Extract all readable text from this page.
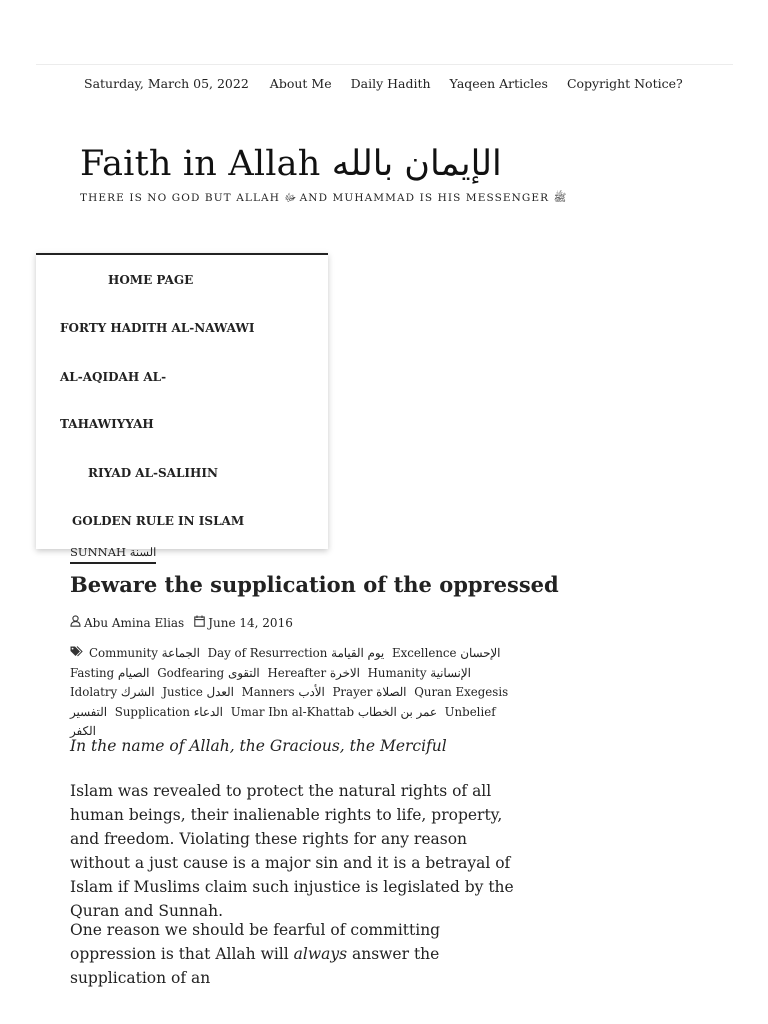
Saturday, March 05, 2022 About Me Daily Hadith Yaqeen Articles Copyright Notice?
Faith in Allah الإيمان بالله
THERE IS NO GOD BUT ALLAH ﷻ AND MUHAMMAD IS HIS MESSENGER ﷺ
HOME PAGE
FORTY HADITH AL-NAWAWI
AL-AQIDAH AL-
TAHAWIYYAH
RIYAD AL-SALIHIN
GOLDEN RULE IN ISLAM
SUNNAH السنة
Beware the supplication of the oppressed
Abu Amina Elias June 14, 2016
Community الجماعة Day of Resurrection يوم القيامة Excellence الإحسان Fasting الصيام Godfearing التقوى Hereafter الاخرة Humanity الإنسانية Idolatry الشرك Justice العدل Manners الأدب Prayer الصلاة Quran Exegesis التفسير Supplication الدعاء Umar Ibn al-Khattab عمر بن الخطاب Unbelief الكفر

In the name of Allah, the Gracious, the Merciful

Islam was revealed to protect the natural rights of all human beings, their inalienable rights to life, property, and freedom. Violating these rights for any reason without a just cause is a major sin and it is a betrayal of Islam if Muslims claim such injustice is legislated by the Quran and Sunnah.

One reason we should be fearful of committing oppression is that Allah will always answer the supplication of an
